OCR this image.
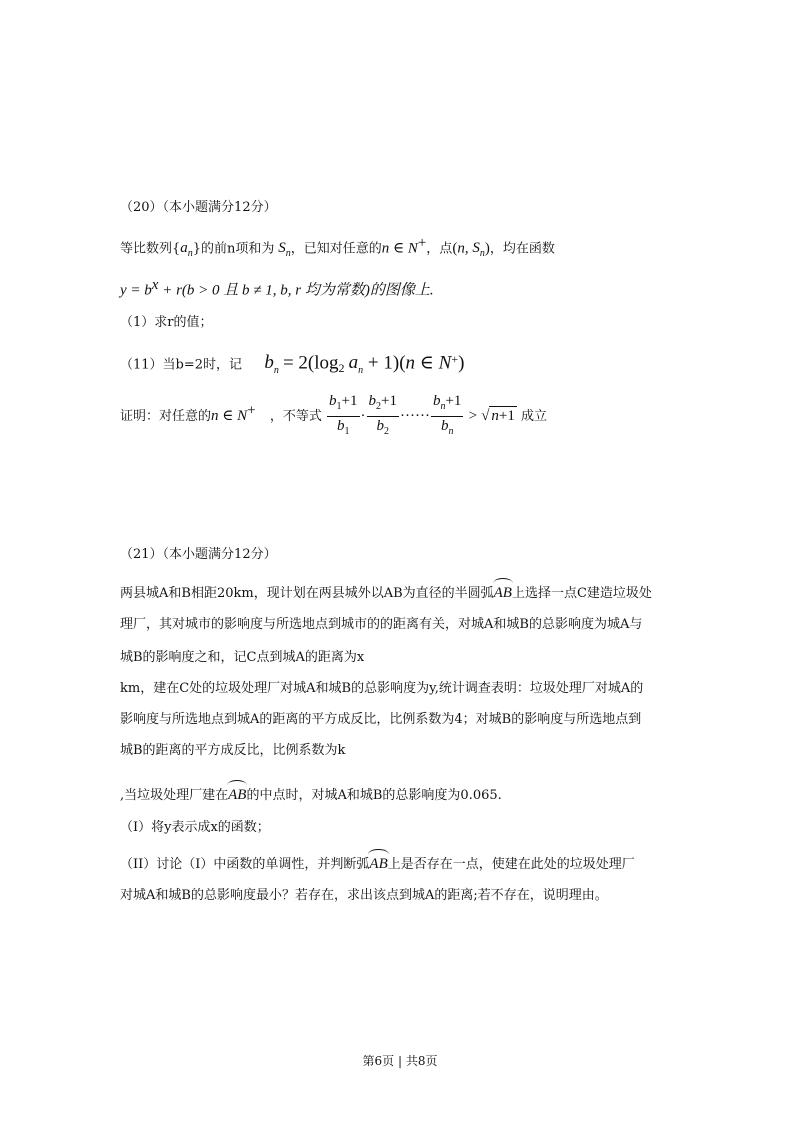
（20）（本小题满分12分）
等比数列$\{a_n\}$的前n项和为 $S_n$，已知对任意的n ∈ N+，点(n, $S_n$)，均在函数
$y = b^x + r(b > 0$ 且 b ≠ 1, b, r 均为常数)的图像上.
（1）求r的值；
（11）当b=2时，记 $b_n = 2(\log_2$ $a_n + 1)(n$ ∈ N+)
证明：对任意的n ∈ N+ ，不等式 $\frac{b_1+1}{b_1} \cdot \frac{b_2+1}{b_2}$ ······ $\frac{b_n+1}{b_n}$ > √ n+1 成立
（21）（本小题满分12分）
两县城A和B相距20km，现计划在两县城外以AB为直径的半圆弧AB上选择一点C建造垃圾处
理厂，其对城市的影响度与所选地点到城市的的距离有关，对城A和城B的总影响度为城A与
城B的影响度之和，记C点到城A的距离为x
km，建在C处的垃圾处理厂对城A和城B的总影响度为y,统计调查表明：垃圾处理厂对城A的
影响度与所选地点到城A的距离的平方成反比，比例系数为4；对城B的影响度与所选地点到
城B的距离的平方成反比，比例系数为k
,当垃圾处理厂建在AB的中点时，对城A和城B的总影响度为0.065.
（I）将y表示成x的函数；
（II）讨论（I）中函数的单调性，并判断弧AB上是否存在一点，使建在此处的垃圾处理厂
对城A和城B的总影响度最小？若存在，求出该点到城A的距离;若不存在，说明理由。
第6页 | 共8页
